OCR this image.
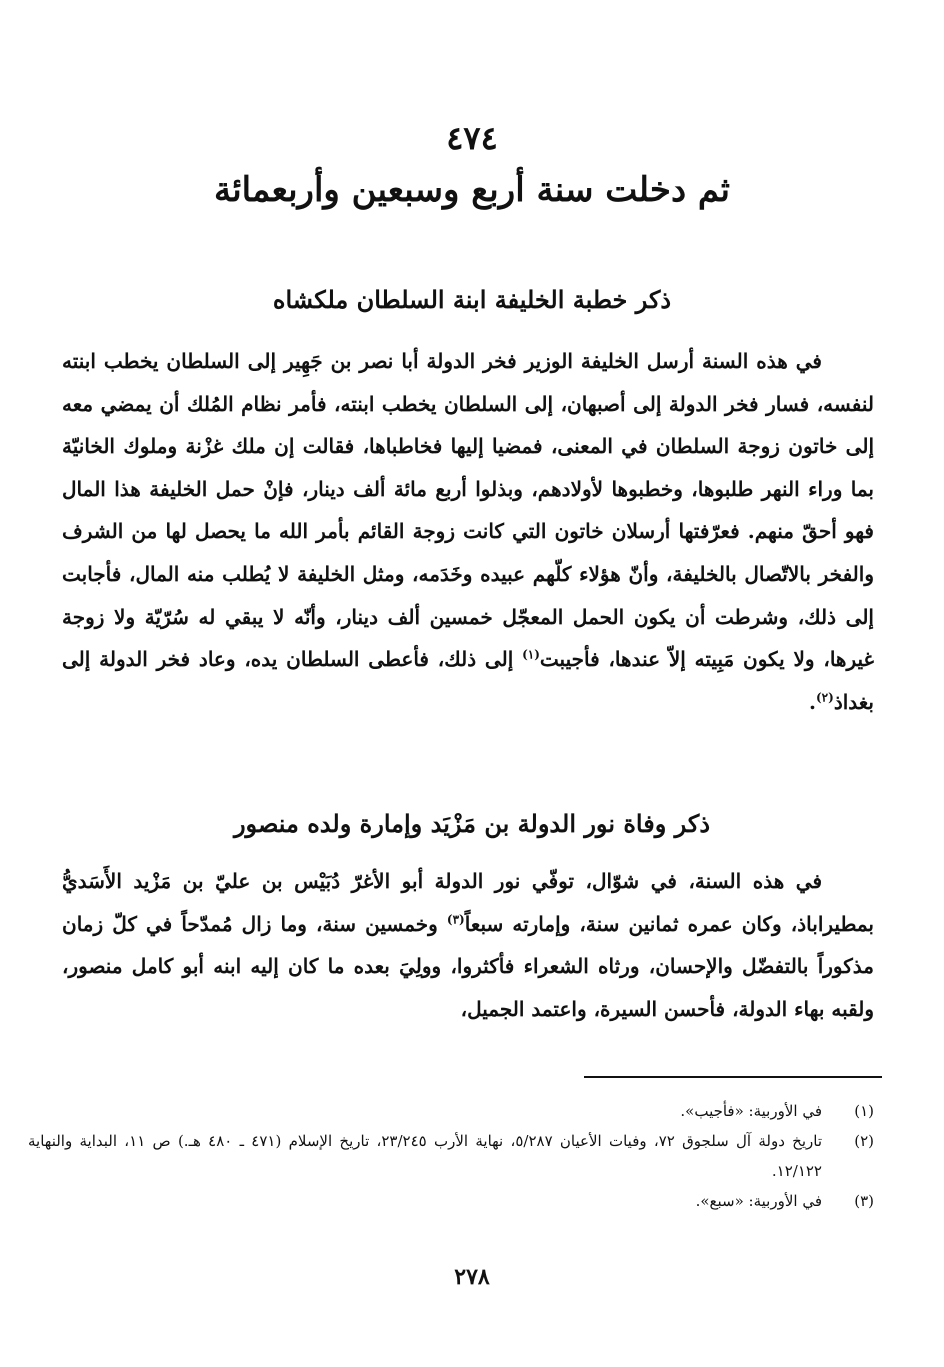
٤٧٤
ثم دخلت سنة أربع وسبعين وأربعمائة
ذكر خطبة الخليفة ابنة السلطان ملكشاه

في هذه السنة أرسل الخليفة الوزير فخر الدولة أبا نصر بن جَهِير إلى السلطان يخطب ابنته لنفسه، فسار فخر الدولة إلى أصبهان، إلى السلطان يخطب ابنته، فأمر نظام المُلك أن يمضي معه إلى خاتون زوجة السلطان في المعنى، فمضيا إليها فخاطباها، فقالت إن ملك غزْنة وملوك الخانيّة بما وراء النهر طلبوها، وخطبوها لأولادهم، وبذلوا أربع مائة ألف دينار، فإنْ حمل الخليفة هذا المال فهو أحقّ منهم. فعرّفتها أرسلان خاتون التي كانت زوجة القائم بأمر الله ما يحصل لها من الشرف والفخر بالاتّصال بالخليفة، وأنّ هؤلاء كلّهم عبيده وخَدَمه، ومثل الخليفة لا يُطلب منه المال، فأجابت إلى ذلك، وشرطت أن يكون الحمل المعجّل خمسين ألف دينار، وأنّه لا يبقي له سُرّيّة ولا زوجة غيرها، ولا يكون مَبِيته إلاّ عندها، فأجيبت$^{(١)}$ إلى ذلك، فأعطى السلطان يده، وعاد فخر الدولة إلى بغداذ$^{(٢)}$.

ذكر وفاة نور الدولة بن مَزْيَد وإمارة ولده منصور

في هذه السنة، في شوّال، توفّي نور الدولة أبو الأغرّ دُبَيْس بن عليّ بن مَزْيد الأَسَديُّ بمطيراباذ، وكان عمره ثمانين سنة، وإمارته سبعاً$^{(٣)}$ وخمسين سنة، وما زال مُمدّحاً في كلّ زمان مذكوراً بالتفضّل والإحسان، ورثاه الشعراء فأكثروا، وولِيَ بعده ما كان إليه ابنه أبو كامل منصور، ولقبه بهاء الدولة، فأحسن السيرة، واعتمد الجميل،

(١)
في الأوربية: «فأجيب».
(٢)
تاريخ دولة آل سلجوق ٧٢، وفيات الأعيان ٥/٢٨٧، نهاية الأرب ٢٣/٢٤٥، تاريخ الإسلام (٤٧١ ـ ٤٨٠ هـ.) ص ١١، البداية والنهاية ١٢/١٢٢.
(٣)
في الأوربية: «سبع».
٢٧٨
